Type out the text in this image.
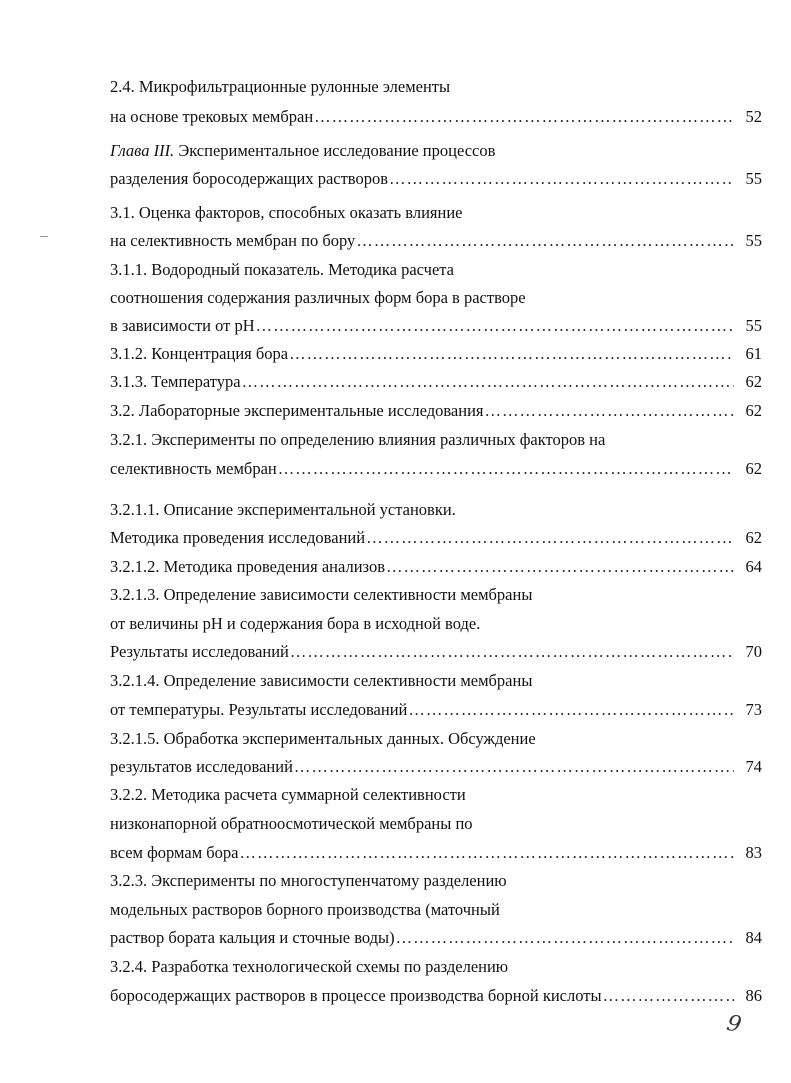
2.4. Микрофильтрационные рулонные элементы
на основе трековых мембран …………………………………………………………………………………………………………………………………………………………………………………………………………	52
Глава III. Экспериментальное исследование процессов
разделения боросодержащих растворов …………………………………………………………………………………………………………………………………………………………………………………………………………	55
3.1. Оценка факторов, способных оказать влияние
на селективность мембран по бору …………………………………………………………………………………………………………………………………………………………………………………………………………	55
3.1.1. Водородный показатель. Методика расчета
соотношения содержания различных форм бора в растворе
в зависимости от pH …………………………………………………………………………………………………………………………………………………………………………………………………………	55
3.1.2. Концентрация бора …………………………………………………………………………………………………………………………………………………………………………………………………………	61
3.1.3. Температура …………………………………………………………………………………………………………………………………………………………………………………………………………	62
3.2. Лабораторные экспериментальные исследования …………………………………………………………………………………………………………………………………………………………………………………………………………	62
3.2.1. Эксперименты по определению влияния различных факторов на
селективность мембран …………………………………………………………………………………………………………………………………………………………………………………………………………	62
3.2.1.1. Описание экспериментальной установки.
Методика проведения исследований …………………………………………………………………………………………………………………………………………………………………………………………………………	62
3.2.1.2. Методика проведения анализов …………………………………………………………………………………………………………………………………………………………………………………………………………	64
3.2.1.3. Определение зависимости селективности мембраны
от величины pH и содержания бора в исходной воде.
Результаты исследований …………………………………………………………………………………………………………………………………………………………………………………………………………	70
3.2.1.4. Определение зависимости селективности мембраны
от температуры. Результаты исследований …………………………………………………………………………………………………………………………………………………………………………………………………………	73
3.2.1.5. Обработка экспериментальных данных. Обсуждение
результатов исследований …………………………………………………………………………………………………………………………………………………………………………………………………………	74
3.2.2. Методика расчета суммарной селективности
низконапорной обратноосмотической мембраны по
всем формам бора …………………………………………………………………………………………………………………………………………………………………………………………………………	83
3.2.3. Эксперименты по многоступенчатому разделению
модельных растворов борного производства (маточный
раствор бората кальция и сточные воды) …………………………………………………………………………………………………………………………………………………………………………………………………………	84
3.2.4. Разработка технологической схемы по разделению
боросодержащих растворов в процессе производства борной кислоты …………………………………………………………………………………………………………………………………………………………………………………………………………	86
9
